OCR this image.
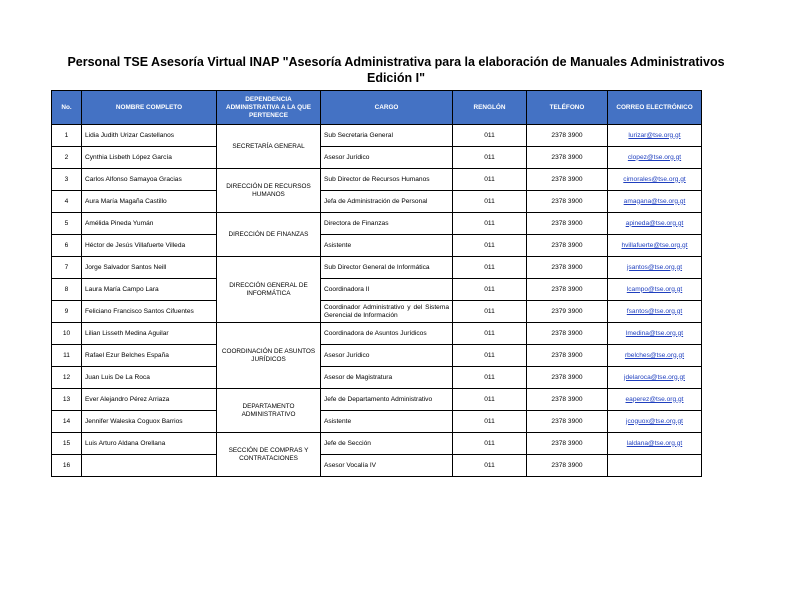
Personal TSE Asesoría Virtual INAP "Asesoría Administrativa para la elaboración de Manuales Administrativos
Edición I"
No.	NOMBRE COMPLETO	DEPENDENCIA ADMINISTRATIVA A LA QUE PERTENECE	CARGO	RENGLÓN	TELÉFONO	CORREO ELECTRÓNICO
1	Lidia Judith Urizar Castellanos	SECRETARÍA GENERAL	Sub Secretaria General	011	2378 3900	lurizar@tse.org.gt
2	Cynthia Lisbeth López García		Asesor Jurídico	011	2378 3900	clopez@tse.org.gt
3	Carlos Alfonso Samayoa Gracias	DIRECCIÓN DE RECURSOS HUMANOS	Sub Director de Recursos Humanos	011	2378 3900	cimorales@tse.org.gt
4	Aura María Magaña Castillo		Jefa de Administración de Personal	011	2378 3900	amagana@tse.org.gt
5	Amélida Pineda Yumán	DIRECCIÓN DE FINANZAS	Directora de Finanzas	011	2378 3900	apineda@tse.org.gt
6	Héctor de Jesús Villafuerte Villeda		Asistente	011	2378 3900	hvillafuerte@tse.org.gt
7	Jorge Salvador Santos Neill	DIRECCIÓN GENERAL DE INFORMÁTICA	Sub Director General de Informática	011	2378 3900	jsantos@tse.org.gt
8	Laura María Campo Lara		Coordinadora II	011	2378 3900	lcampo@tse.org.gt
9	Feliciano Francisco Santos Cifuentes		Coordinador Administrativo y del Sistema Gerencial de Información	011	2379 3900	fsantos@tse.org.gt
10	Lilian Lisseth Medina Aguilar	COORDINACIÓN DE ASUNTOS JURÍDICOS	Coordinadora de Asuntos Jurídicos	011	2378 3900	lmedina@tse.org.gt
11	Rafael Ezur Belches España		Asesor Jurídico	011	2378 3900	rbelches@tse.org.gt
12	Juan Luis De La Roca		Asesor de Magistratura	011	2378 3900	jdelaroca@tse.org.gt
13	Ever Alejandro Pérez Arriaza	DEPARTAMENTO ADMINISTRATIVO	Jefe de Departamento Administrativo	011	2378 3900	eaperez@tse.org.gt
14	Jennifer Waleska Coguox Barrios		Asistente	011	2378 3900	jcoguox@tse.org.gt
15	Luis Arturo Aldana Orellana	SECCIÓN DE COMPRAS Y CONTRATACIONES	Jefe de Sección	011	2378 3900	laldana@tse.org.gt
16			Asesor Vocalía IV	011	2378 3900	
